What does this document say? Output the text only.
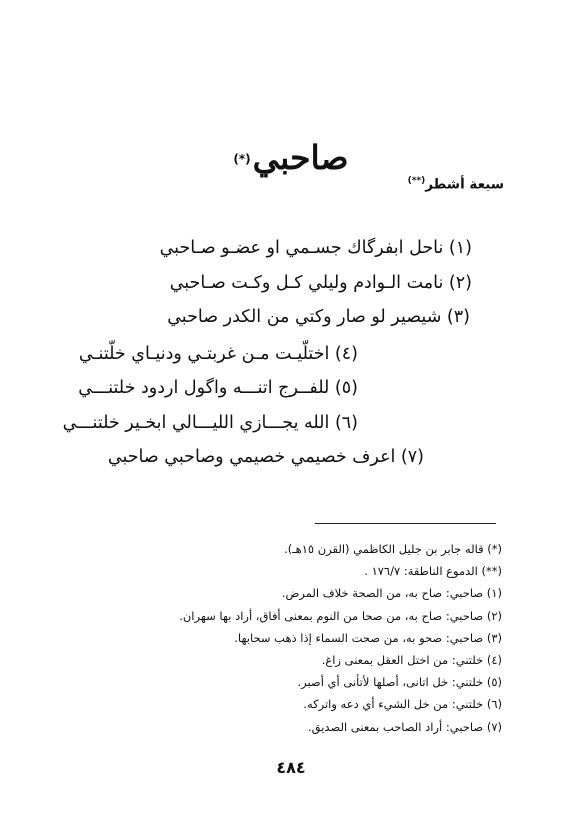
صاحبي(*)
سبعة أشطر(**)
(١) ناحل ابفرگاك جسـمي او عضـو صـاحبي
(٢) نامت الـوادم وليلي كـل وكـت صـاحبي
(٣) شيصير لو صار وكتي من الكدر صاحبي
(٤) اختلّيـت مـن غربتـي ودنيـاي خلّتنـي
(٥) للفــرج اتنـــه واگول اردود خلتنـــي
(٦) الله يجـــازي الليـــالي ابخـير خلتنـــي
(٧) اعرف خصيمي خصيمي وصاحبي صاحبي
(*) قاله جابر بن جليل الكاظمي (القرن ١٥هـ).
(**) الدموع الناطقة: ١٧٦/٧ .
(١) صاحبي: صاح به، من الصحة خلاف المرض.
(٢) صاحبي: صاح به، من صحا من النوم بمعنى أفاق، أراد بها سهران.
(٣) صاحبي: صحو به، من صحت السماء إذا ذهب سحابها.
(٤) خلتني: من اختل العقل بمعنى زاغ.
(٥) خلتني: خل اتانى، أصلها لأتأنى أي أصبر.
(٦) خلتني: من خل الشيء أي دعه واتركه.
(٧) صاحبي: أراد الصاحب بمعنى الصديق.
٤٨٤
